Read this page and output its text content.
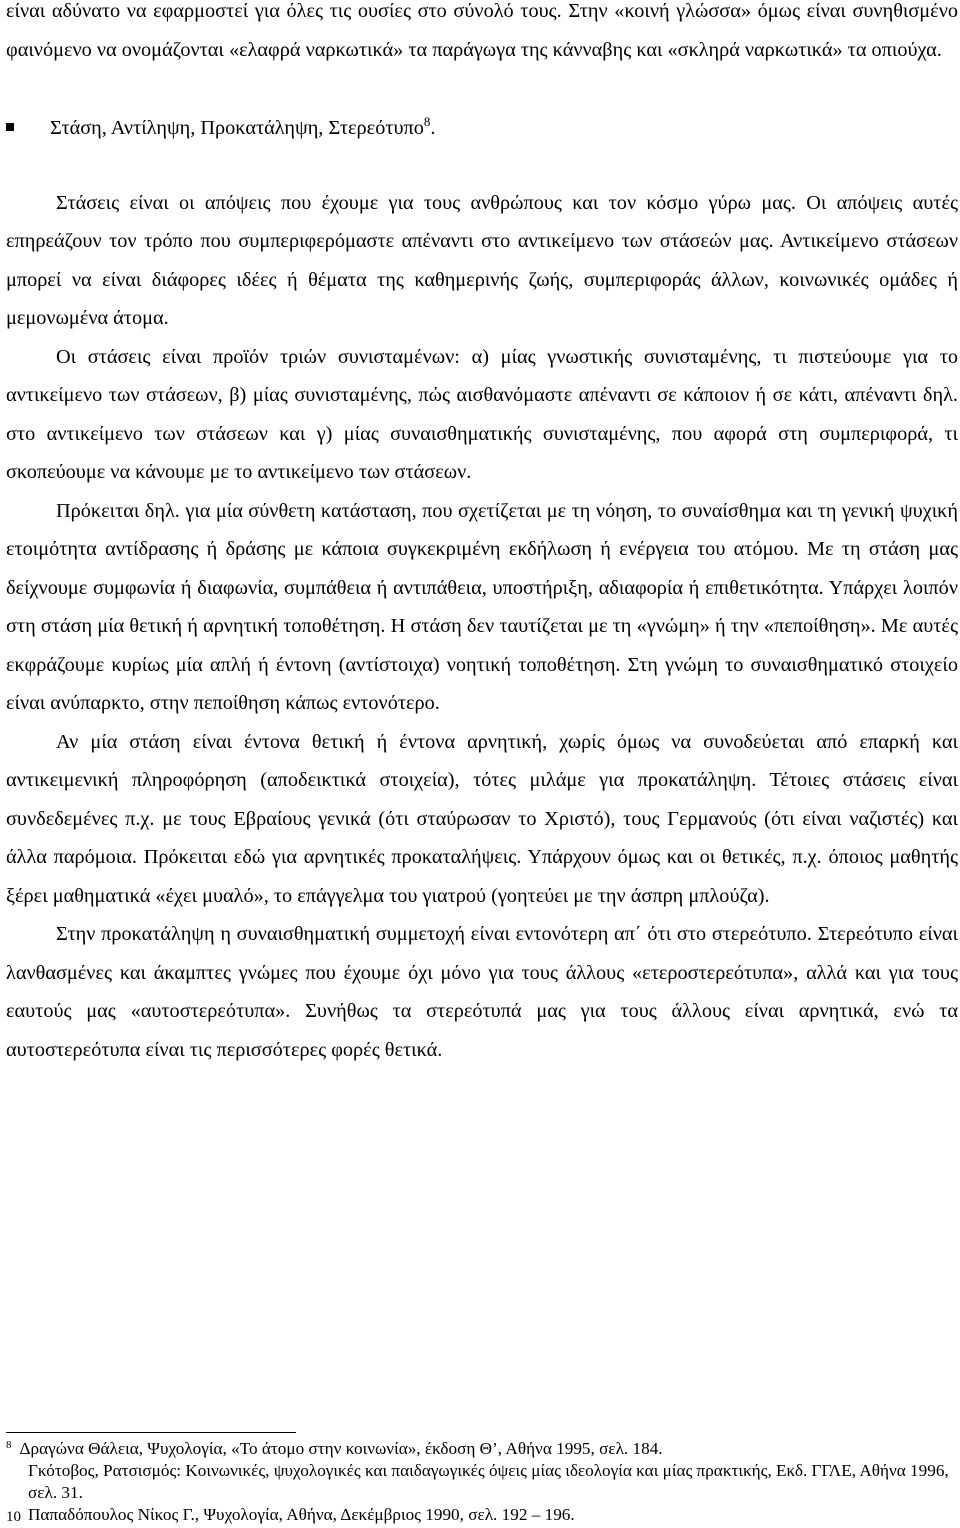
είναι αδύνατο να εφαρμοστεί για όλες τις ουσίες στο σύνολό τους. Στην «κοινή γλώσσα» όμως είναι συνηθισμένο φαινόμενο να ονομάζονται «ελαφρά ναρκωτικά» τα παράγωγα της κάνναβης και «σκληρά ναρκωτικά» τα οπιούχα.

Στάση, Αντίληψη, Προκατάληψη, Στερεότυπο$^8$.

Στάσεις είναι οι απόψεις που έχουμε για τους ανθρώπους και τον κόσμο γύρω μας. Οι απόψεις αυτές επηρεάζουν τον τρόπο που συμπεριφερόμαστε απέναντι στο αντικείμενο των στάσεών μας. Αντικείμενο στάσεων μπορεί να είναι διάφορες ιδέες ή θέματα της καθημερινής ζωής, συμπεριφοράς άλλων, κοινωνικές ομάδες ή μεμονωμένα άτομα.

Οι στάσεις είναι προϊόν τριών συνισταμένων: α) μίας γνωστικής συνισταμένης, τι πιστεύουμε για το αντικείμενο των στάσεων, β) μίας συνισταμένης, πώς αισθανόμαστε απέναντι σε κάποιον ή σε κάτι, απέναντι δηλ. στο αντικείμενο των στάσεων και γ) μίας συναισθηματικής συνισταμένης, που αφορά στη συμπεριφορά, τι σκοπεύουμε να κάνουμε με το αντικείμενο των στάσεων.

Πρόκειται δηλ. για μία σύνθετη κατάσταση, που σχετίζεται με τη νόηση, το συναίσθημα και τη γενική ψυχική ετοιμότητα αντίδρασης ή δράσης με κάποια συγκεκριμένη εκδήλωση ή ενέργεια του ατόμου. Με τη στάση μας δείχνουμε συμφωνία ή διαφωνία, συμπάθεια ή αντιπάθεια, υποστήριξη, αδιαφορία ή επιθετικότητα. Υπάρχει λοιπόν στη στάση μία θετική ή αρνητική τοποθέτηση. Η στάση δεν ταυτίζεται με τη «γνώμη» ή την «πεποίθηση». Με αυτές εκφράζουμε κυρίως μία απλή ή έντονη (αντίστοιχα) νοητική τοποθέτηση. Στη γνώμη το συναισθηματικό στοιχείο είναι ανύπαρκτο, στην πεποίθηση κάπως εντονότερο.

Αν μία στάση είναι έντονα θετική ή έντονα αρνητική, χωρίς όμως να συνοδεύεται από επαρκή και αντικειμενική πληροφόρηση (αποδεικτικά στοιχεία), τότες μιλάμε για προκατάληψη. Τέτοιες στάσεις είναι συνδεδεμένες π.χ. με τους Εβραίους γενικά (ότι σταύρωσαν το Χριστό), τους Γερμανούς (ότι είναι ναζιστές) και άλλα παρόμοια. Πρόκειται εδώ για αρνητικές προκαταλήψεις. Υπάρχουν όμως και οι θετικές, π.χ. όποιος μαθητής ξέρει μαθηματικά «έχει μυαλό», το επάγγελμα του γιατρού (γοητεύει με την άσπρη μπλούζα).

Στην προκατάληψη η συναισθηματική συμμετοχή είναι εντονότερη απ΄ ότι στο στερεότυπο. Στερεότυπο είναι λανθασμένες και άκαμπτες γνώμες που έχουμε όχι μόνο για τους άλλους «ετεροστερεότυπα», αλλά και για τους εαυτούς μας «αυτοστερεότυπα». Συνήθως τα στερεότυπά μας για τους άλλους είναι αρνητικά, ενώ τα αυτοστερεότυπα είναι τις περισσότερες φορές θετικά.

8 Δραγώνα Θάλεια, Ψυχολογία, «Το άτομο στην κοινωνία», έκδοση Θ’, Αθήνα 1995, σελ. 184.

Γκότοβος, Ρατσισμός: Κοινωνικές, ψυχολογικές και παιδαγωγικές όψεις μίας ιδεολογία και μίας πρακτικής, Εκδ. ΓΓΛΕ, Αθήνα 1996, σελ. 31.

Παπαδόπουλος Νίκος Γ., Ψυχολογία, Αθήνα, Δεκέμβριος 1990, σελ. 192 – 196.

10
